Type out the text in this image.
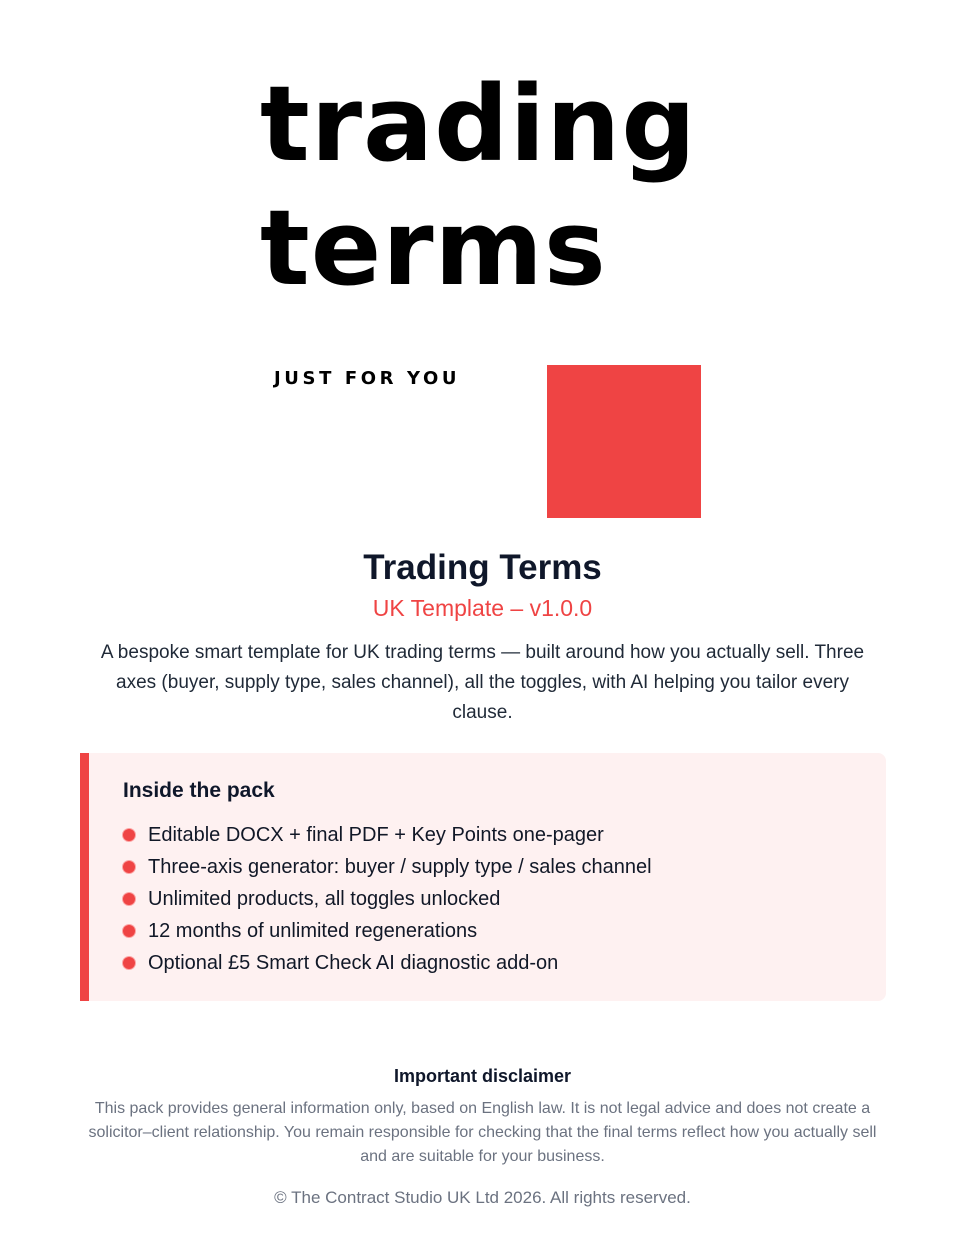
trading
terms
JUST FOR YOU
Trading Terms

UK Template – v1.0.0

A bespoke smart template for UK trading terms — built around how you actually sell. Three axes (buyer, supply type, sales channel), all the toggles, with AI helping you tailor every clause.

Inside the pack
Editable DOCX + final PDF + Key Points one-pager
Three-axis generator: buyer / supply type / sales channel
Unlimited products, all toggles unlocked
12 months of unlimited regenerations
Optional £5 Smart Check AI diagnostic add-on
Important disclaimer

This pack provides general information only, based on English law. It is not legal advice and does not create a solicitor–client relationship. You remain responsible for checking that the final terms reflect how you actually sell and are suitable for your business.

© The Contract Studio UK Ltd 2026. All rights reserved.
